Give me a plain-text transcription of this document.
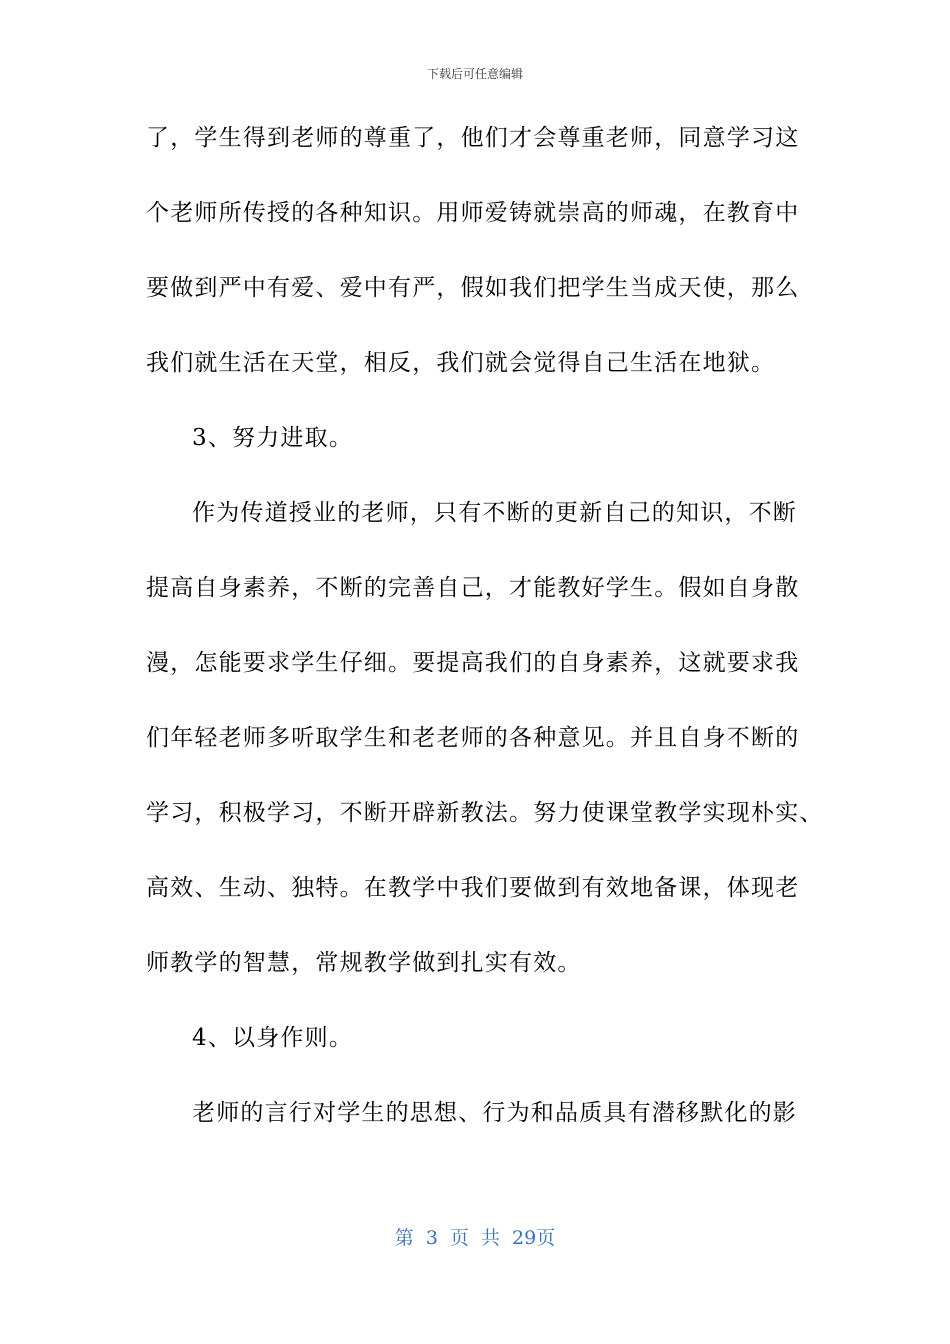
下载后可任意编辑
了，学生得到老师的尊重了，他们才会尊重老师，同意学习这
个老师所传授的各种知识。用师爱铸就崇高的师魂，在教育中
要做到严中有爱、爱中有严，假如我们把学生当成天使，那么
我们就生活在天堂，相反，我们就会觉得自己生活在地狱。
3、努力进取。
作为传道授业的老师，只有不断的更新自己的知识，不断
提高自身素养，不断的完善自己，才能教好学生。假如自身散
漫，怎能要求学生仔细。要提高我们的自身素养，这就要求我
们年轻老师多听取学生和老老师的各种意见。并且自身不断的
学习，积极学习，不断开辟新教法。努力使课堂教学实现朴实、
高效、生动、独特。在教学中我们要做到有效地备课，体现老
师教学的智慧，常规教学做到扎实有效。
4、以身作则。
老师的言行对学生的思想、行为和品质具有潜移默化的影
第 3 页 共 29页
